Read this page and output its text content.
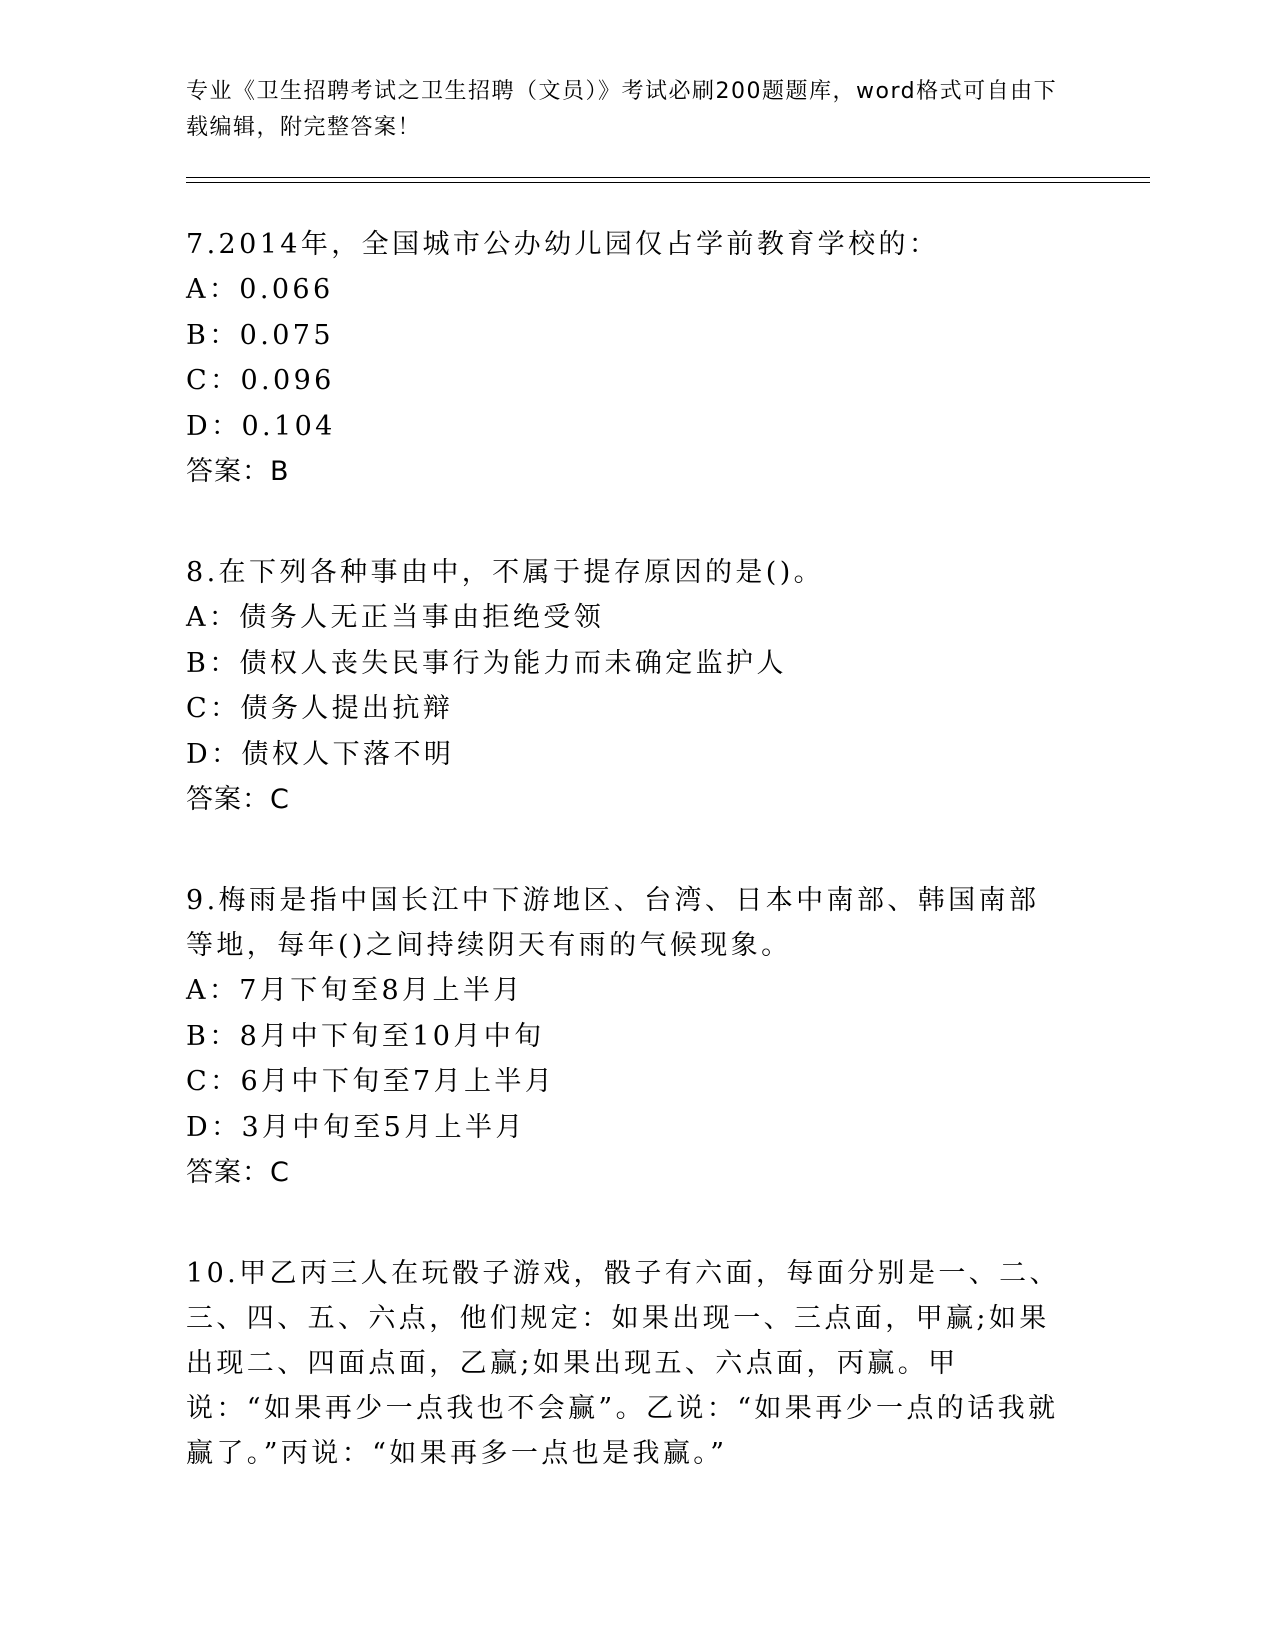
专业《卫生招聘考试之卫生招聘（文员）》考试必刷200题题库，word格式可自由下载编辑，附完整答案！
7.2014年，全国城市公办幼儿园仅占学前教育学校的：
A：0.066
B：0.075
C：0.096
D：0.104
答案：B
8.在下列各种事由中，不属于提存原因的是()。
A：债务人无正当事由拒绝受领
B：债权人丧失民事行为能力而未确定监护人
C：债务人提出抗辩
D：债权人下落不明
答案：C
9.梅雨是指中国长江中下游地区、台湾、日本中南部、韩国南部等地，每年()之间持续阴天有雨的气候现象。
A：7月下旬至8月上半月
B：8月中下旬至10月中旬
C：6月中下旬至7月上半月
D：3月中旬至5月上半月
答案：C
10.甲乙丙三人在玩骰子游戏，骰子有六面，每面分别是一、二、三、四、五、六点，他们规定：如果出现一、三点面，甲赢;如果出现二、四面点面，乙赢;如果出现五、六点面，丙赢。甲说：“如果再少一点我也不会赢”。乙说：“如果再少一点的话我就赢了。”丙说：“如果再多一点也是我赢。”
